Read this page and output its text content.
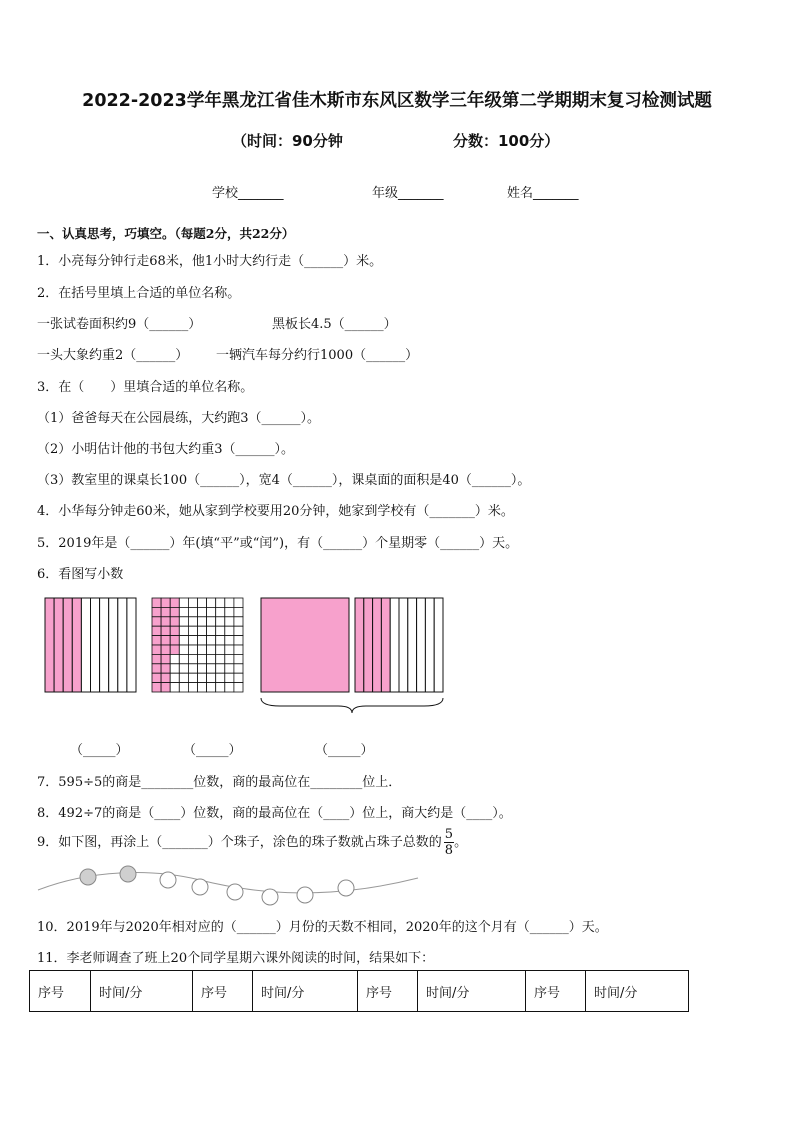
2022-2023学年黑龙江省佳木斯市东风区数学三年级第二学期期末复习检测试题
（时间：90分钟	分数：100分）
学校_______	年级_______	姓名_______
一、认真思考，巧填空。（每题2分，共22分）
1．小亮每分钟行走68米，他1小时大约行走（______）米。
2．在括号里填上合适的单位名称。
一张试卷面积约9（______）	黑板长4.5（______）
一头大象约重2（______） 一辆汽车每分约行1000（______）
3．在（　　）里填合适的单位名称。
（1）爸爸每天在公园晨练，大约跑3（______）。
（2）小明估计他的书包大约重3（______）。
（3）教室里的课桌长100（______），宽4（______），课桌面的面积是40（______）。
4．小华每分钟走60米，她从家到学校要用20分钟，她家到学校有（_______）米。
5．2019年是（______）年(填“平”或“闰”)，有（______）个星期零（______）天。
6．看图写小数
（_____）	（_____）	（_____）
7．595÷5的商是________位数，商的最高位在________位上．
8．492÷7的商是（____）位数，商的最高位在（____）位上，商大约是（____）。
9．如下图，再涂上（_______）个珠子，涂色的珠子数就占珠子总数的 $\frac{5}{8}$ 。
10．2019年与2020年相对应的（______）月份的天数不相同，2020年的这个月有（______）天。
11．李老师调查了班上20个同学星期六课外阅读的时间，结果如下：
序号	时间/分	序号	时间/分	序号	时间/分	序号	时间/分
